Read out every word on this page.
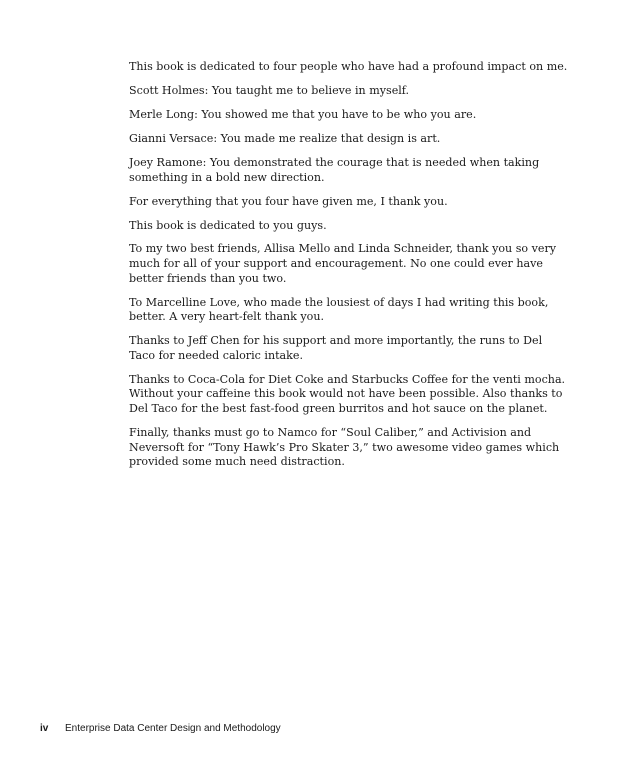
This book is dedicated to four people who have had a profound impact on me.

Scott Holmes: You taught me to believe in myself.

Merle Long: You showed me that you have to be who you are.

Gianni Versace: You made me realize that design is art.

Joey Ramone: You demonstrated the courage that is needed when taking something in a bold new direction.

For everything that you four have given me, I thank you.

This book is dedicated to you guys.

To my two best friends, Allisa Mello and Linda Schneider, thank you so very much for all of your support and encouragement. No one could ever have better friends than you two.

To Marcelline Love, who made the lousiest of days I had writing this book, better. A very heart-felt thank you.

Thanks to Jeff Chen for his support and more importantly, the runs to Del Taco for needed caloric intake.

Thanks to Coca-Cola for Diet Coke and Starbucks Coffee for the venti mocha. Without your caffeine this book would not have been possible. Also thanks to Del Taco for the best fast-food green burritos and hot sauce on the planet.

Finally, thanks must go to Namco for “Soul Caliber,” and Activision and Neversoft for “Tony Hawk’s Pro Skater 3,” two awesome video games which provided some much need distraction.

iv Enterprise Data Center Design and Methodology
